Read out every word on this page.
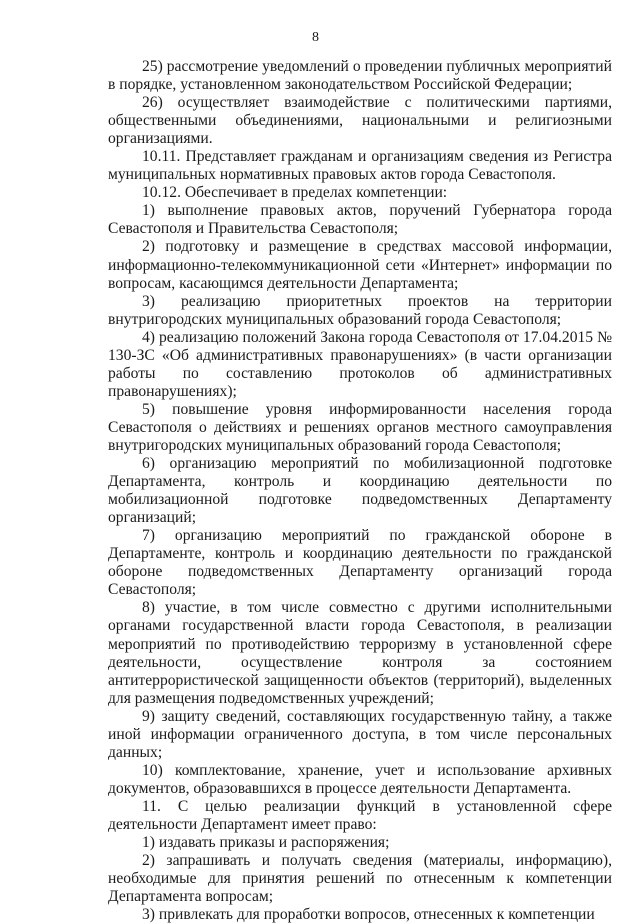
8

25) рассмотрение уведомлений о проведении публичных мероприятий в порядке, установленном законодательством Российской Федерации;

26) осуществляет взаимодействие с политическими партиями, общественными объединениями, национальными и религиозными организациями.

10.11. Представляет гражданам и организациям сведения из Регистра муниципальных нормативных правовых актов города Севастополя.

10.12. Обеспечивает в пределах компетенции:

1) выполнение правовых актов, поручений Губернатора города Севастополя и Правительства Севастополя;

2) подготовку и размещение в средствах массовой информации, информационно-телекоммуникационной сети «Интернет» информации по вопросам, касающимся деятельности Департамента;

3) реализацию приоритетных проектов на территории внутригородских муниципальных образований города Севастополя;

4) реализацию положений Закона города Севастополя от 17.04.2015 № 130-ЗС «Об административных правонарушениях» (в части организации работы по составлению протоколов об административных правонарушениях);

5) повышение уровня информированности населения города Севастополя о действиях и решениях органов местного самоуправления внутригородских муниципальных образований города Севастополя;

6) организацию мероприятий по мобилизационной подготовке Департамента, контроль и координацию деятельности по мобилизационной подготовке подведомственных Департаменту организаций;

7) организацию мероприятий по гражданской обороне в Департаменте, контроль и координацию деятельности по гражданской обороне подведомственных Департаменту организаций города Севастополя;

8) участие, в том числе совместно с другими исполнительными органами государственной власти города Севастополя, в реализации мероприятий по противодействию терроризму в установленной сфере деятельности, осуществление контроля за состоянием антитеррористической защищенности объектов (территорий), выделенных для размещения подведомственных учреждений;

9) защиту сведений, составляющих государственную тайну, а также иной информации ограниченного доступа, в том числе персональных данных;

10) комплектование, хранение, учет и использование архивных документов, образовавшихся в процессе деятельности Департамента.

11. С целью реализации функций в установленной сфере деятельности Департамент имеет право:

1) издавать приказы и распоряжения;

2) запрашивать и получать сведения (материалы, информацию), необходимые для принятия решений по отнесенным к компетенции Департамента вопросам;

3) привлекать для проработки вопросов, отнесенных к компетенции
